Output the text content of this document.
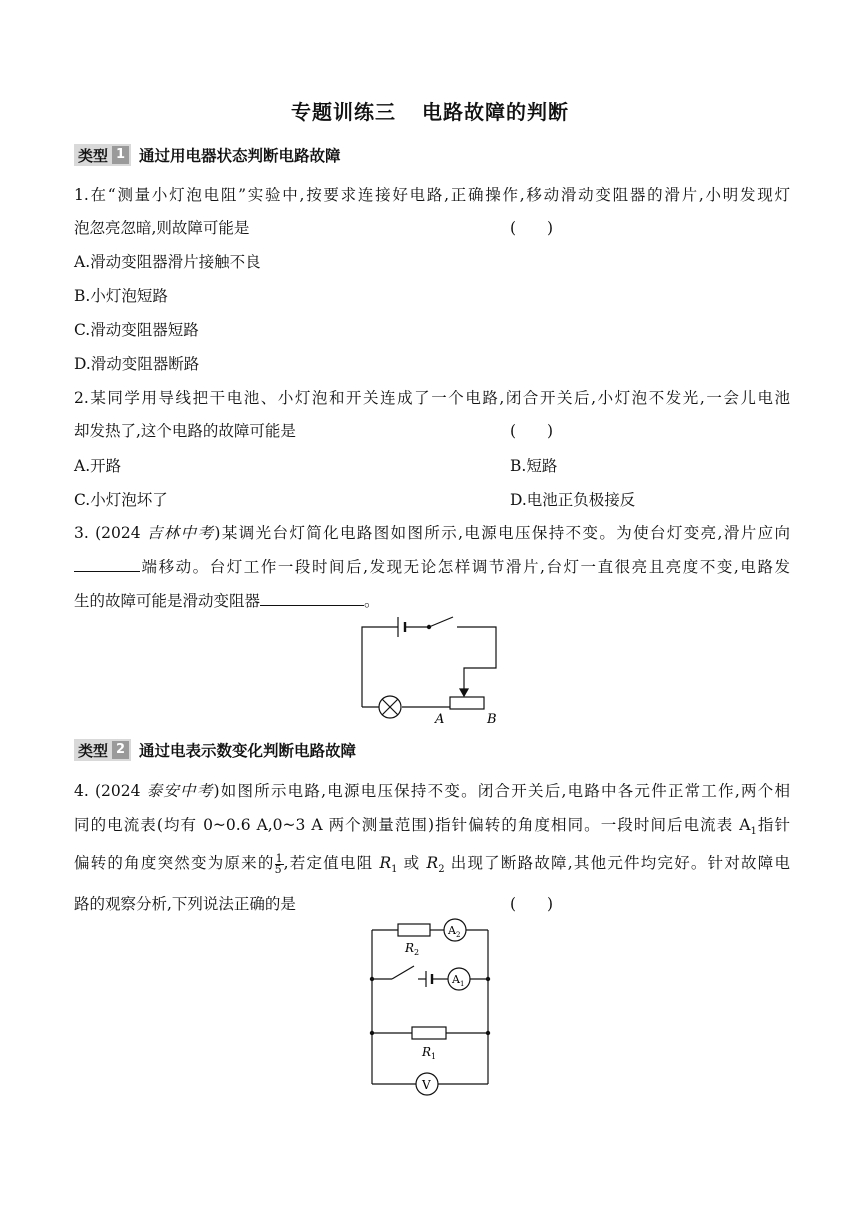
专题训练三 电路故障的判断
类型 1 通过用电器状态判断电路故障
1.在“测量小灯泡电阻”实验中,按要求连接好电路,正确操作,移动滑动变阻器的滑片,小明发现灯
泡忽亮忽暗,则故障可能是	(　　)
A.滑动变阻器滑片接触不良
B.小灯泡短路
C.滑动变阻器短路
D.滑动变阻器断路
2.某同学用导线把干电池、小灯泡和开关连成了一个电路,闭合开关后,小灯泡不发光,一会儿电池
却发热了,这个电路的故障可能是	(　　)
A.开路	B.短路
C.小灯泡坏了	D.电池正负极接反
3. (2024 吉林中考)某调光台灯简化电路图如图所示,电源电压保持不变。为使台灯变亮,滑片应向
端移动。台灯工作一段时间后,发现无论怎样调节滑片,台灯一直很亮且亮度不变,电路发
生的故障可能是滑动变阻器	。
A	B
类型 2 通过电表示数变化判断电路故障
4. (2024 泰安中考)如图所示电路,电源电压保持不变。闭合开关后,电路中各元件正常工作,两个相
同的电流表(均有 0~0.6 A,0~3 A 两个测量范围)指针偏转的角度相同。一段时间后电流表 $A_1$指针
偏转的角度突然变为原来的 $\frac{1}{5}$ ,若定值电阻 $R_1$ 或 $R_2$ 出现了断路故障,其他元件均完好。针对故障电
路的观察分析,下列说法正确的是	(　　)
$R_2$
$A_2$
$A_1$
$R_1$
V
